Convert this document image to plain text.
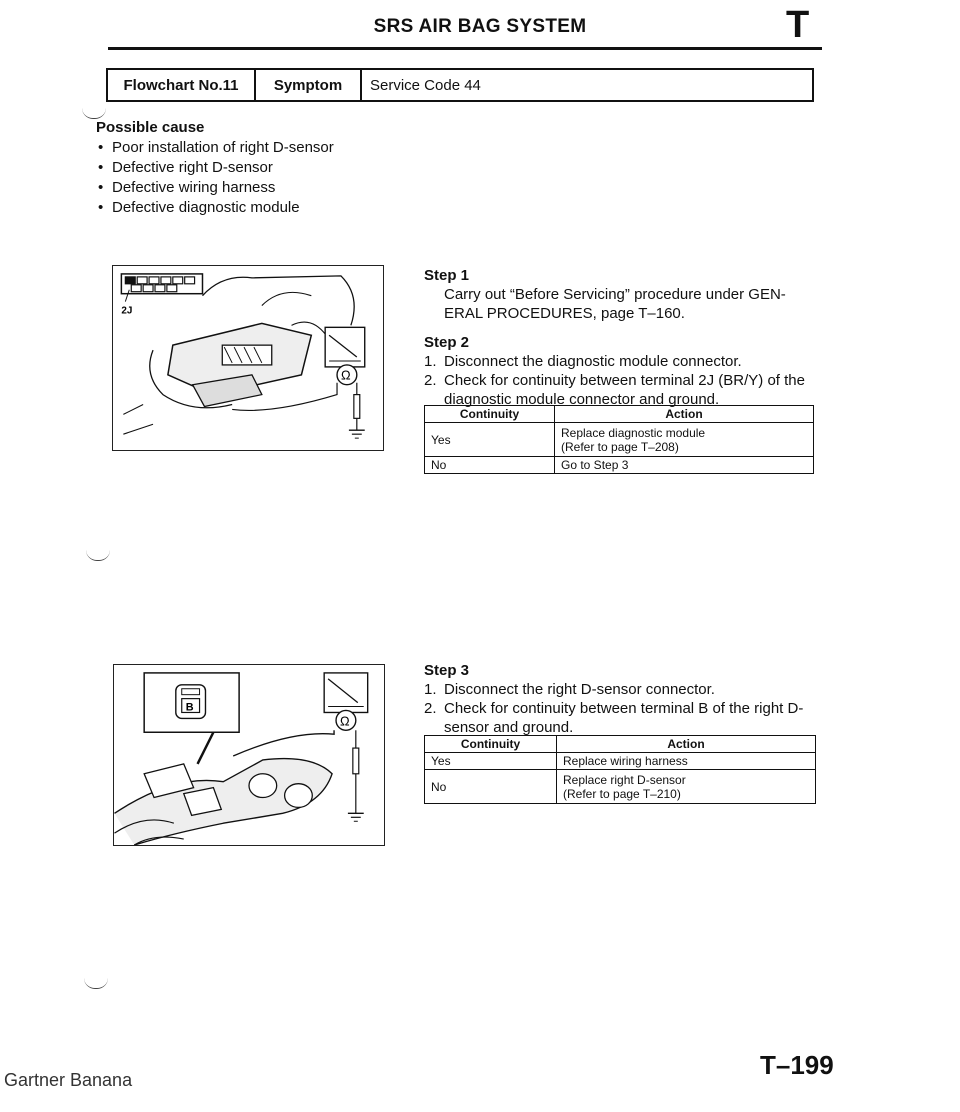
SRS AIR BAG SYSTEM	T
Flowchart No.11	Symptom	Service Code 44
Possible cause
• Poor installation of right D-sensor
• Defective right D-sensor
• Defective wiring harness
• Defective diagnostic module
2J
Ω
Step 1

Carry out “Before Servicing” procedure under GEN-ERAL PROCEDURES, page T–160.

Step 2
1. Disconnect the diagnostic module connector.
2. Check for continuity between terminal 2J (BR/Y) of the diagnostic module connector and ground.
Continuity	Action
Yes	Replace diagnostic module
(Refer to page T–208)

No	Go to Step 3
B
Ω
Step 3
1. Disconnect the right D-sensor connector.
2. Check for continuity between terminal B of the right D-sensor and ground.
Continuity	Action
Yes	Replace wiring harness

No	Replace right D-sensor
(Refer to page T–210)
Gartner Banana	T–199
